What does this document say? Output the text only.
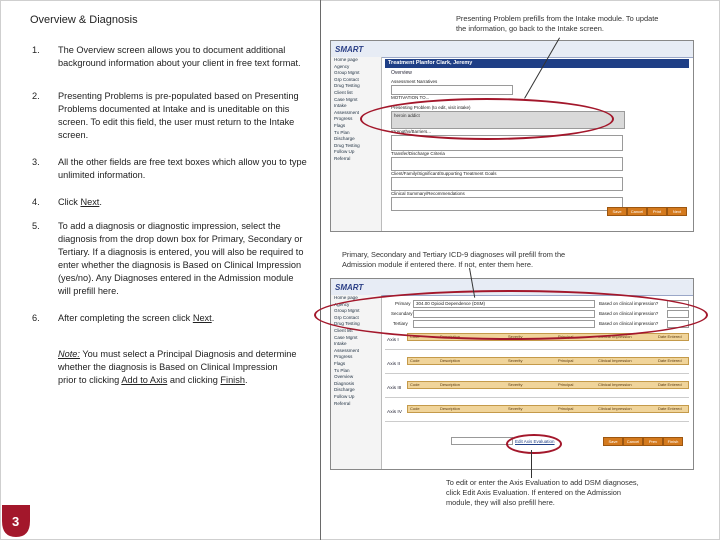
Overview & Diagnosis
1. The Overview screen allows you to document additional background information about your client in free text format.
2. Presenting Problems is pre-populated based on Presenting Problems documented at Intake and is uneditable on this screen. To edit this field, the user must return to the Intake screen.
3. All the other fields are free text boxes which allow you to type unlimited information.
4. Click Next.
5. To add a diagnosis or diagnostic impression, select the diagnosis from the drop down box for Primary, Secondary or Tertiary. If a diagnosis is entered, you will also be required to enter whether the diagnosis is Based on Clinical Impression (yes/no). Any Diagnoses entered in the Admission module will prefill here.
6. After completing the screen click Next.
Note: You must select a Principal Diagnosis and determine whether the diagnosis is Based on Clinical Impression prior to clicking Add to Axis and clicking Finish.
3
Presenting Problem prefills from the Intake module. To update the information, go back to the Intake screen.
Primary, Secondary and Tertiary ICD-9 diagnoses will prefill from the Admission module if entered there. If not, enter them here.
To edit or enter the Axis Evaluation to add DSM diagnoses, click Edit Axis Evaluation. If entered on the Admission module, they will also prefill here.
SMART
Home page
Agency
Group Mgmt
Grp Contact
Drug Testing
Client list
Case Mgmt
Intake
Assessment
Progress
Flags
Tx Plan
Discharge
Drug Testing
Follow Up
Referral
Treatment Planfor Clark, Jeremy
Overview
Assessment Narratives
MOTIVATION TO...
Presenting Problem (to edit, visit intake)
heroin addict
Strengths/Barriers...
Transfer/Discharge Criteria
Client/Family/Significant/Supporting Treatment Goals
Clinical Summary/Recommendations
Save	Cancel	Print	Next
SMART
Home page
Agency
Group Mgmt
Grp Contact
Drug Testing
Client list
Case Mgmt
Intake
Assessment
Progress
Flags
Tx Plan
Overview
Diagnosis
Discharge
Follow Up
Referral
Primary 304.00 Opioid Dependence (DSM)	Based on clinical impression?
Secondary	Based on clinical impression?
Tertiary	Based on clinical impression?
Axis I
Code	Description	Severity	Principal	Clinical Impression	Date Entered
Axis II
Code	Description	Severity	Principal	Clinical Impression	Date Entered
Axis III
Code	Description	Severity	Principal	Clinical Impression	Date Entered
Axis IV
Code	Description	Severity	Principal	Clinical Impression	Date Entered
Edit Axis Evaluation	Save	Cancel	Prev	Finish
